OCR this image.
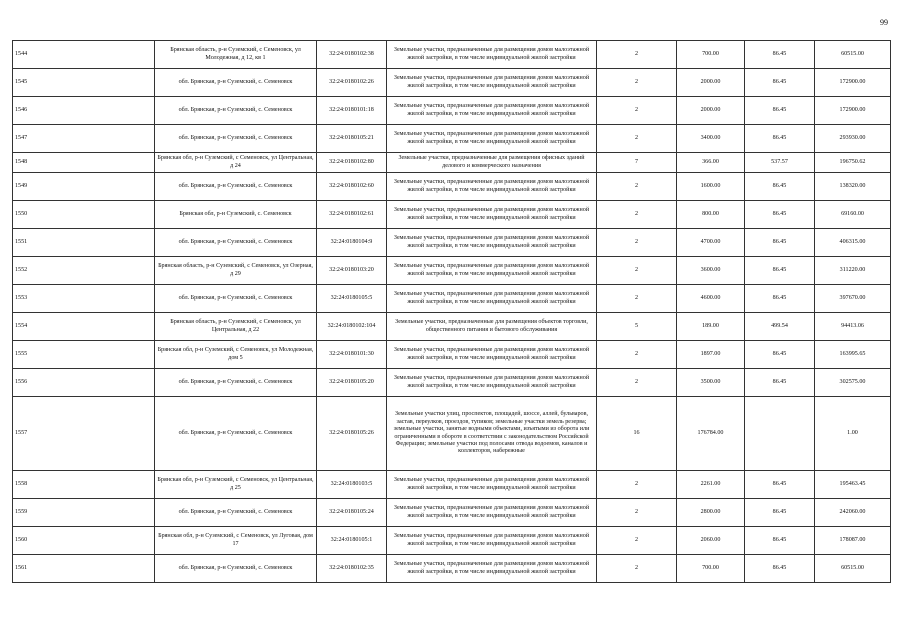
99
1544	Брянская область, р-н Суземский, с Семеновск, ул Молодежная, д 12, кв 1	32:24:0180102:38	Земельные участки, предназначенные для размещения домов малоэтажной жилой застройки, в том числе индивидуальной жилой застройки	2	700.00	86.45	60515.00
1545	обл. Брянская, р-н Суземский, с. Семеновск	32:24:0180102:26	Земельные участки, предназначенные для размещения домов малоэтажной жилой застройки, в том числе индивидуальной жилой застройки	2	2000.00	86.45	172900.00
1546	обл. Брянская, р-н Суземский, с. Семеновск	32:24:0180101:18	Земельные участки, предназначенные для размещения домов малоэтажной жилой застройки, в том числе индивидуальной жилой застройки	2	2000.00	86.45	172900.00
1547	обл. Брянская, р-н Суземский, с. Семеновск	32:24:0180105:21	Земельные участки, предназначенные для размещения домов малоэтажной жилой застройки, в том числе индивидуальной жилой застройки	2	3400.00	86.45	293930.00
1548	Брянская обл, р-н Суземский, с Семеновск, ул Центральная, д 24	32:24:0180102:80	Земельные участки, предназначенные для размещения офисных зданий делового и коммерческого назначения	7	366.00	537.57	196750.62
1549	обл. Брянская, р-н Суземский, с. Семеновск	32:24:0180102:60	Земельные участки, предназначенные для размещения домов малоэтажной жилой застройки, в том числе индивидуальной жилой застройки	2	1600.00	86.45	138320.00
1550	Брянская обл, р-н Суземский, с. Семеновск	32:24:0180102:61	Земельные участки, предназначенные для размещения домов малоэтажной жилой застройки, в том числе индивидуальной жилой застройки	2	800.00	86.45	69160.00
1551	обл. Брянская, р-н Суземский, с. Семеновск	32:24:0180104:9	Земельные участки, предназначенные для размещения домов малоэтажной жилой застройки, в том числе индивидуальной жилой застройки	2	4700.00	86.45	406315.00
1552	Брянская область, р-н Суземский, с Семеновск, ул Озерная, д 29	32:24:0180103:20	Земельные участки, предназначенные для размещения домов малоэтажной жилой застройки, в том числе индивидуальной жилой застройки	2	3600.00	86.45	311220.00
1553	обл. Брянская, р-н Суземский, с. Семеновск	32:24:0180105:5	Земельные участки, предназначенные для размещения домов малоэтажной жилой застройки, в том числе индивидуальной жилой застройки	2	4600.00	86.45	397670.00
1554	Брянская область, р-н Суземский, с Семеновск, ул Центральная, д 22	32:24:0180102:104	Земельные участки, предназначенные для размещения объектов торговли, общественного питания и бытового обслуживания	5	189.00	499.54	94413.06
1555	Брянская обл, р-н Суземский, с Семеновск, ул Молодежная, дом 5	32:24:0180101:30	Земельные участки, предназначенные для размещения домов малоэтажной жилой застройки, в том числе индивидуальной жилой застройки	2	1897.00	86.45	163995.65
1556	обл. Брянская, р-н Суземский, с. Семеновск	32:24:0180105:20	Земельные участки, предназначенные для размещения домов малоэтажной жилой застройки, в том числе индивидуальной жилой застройки	2	3500.00	86.45	302575.00
1557	обл. Брянская, р-н Суземский, с. Семеновск	32:24:0180105:26	Земельные участки улиц, проспектов, площадей, шоссе, аллей, бульваров, застав, переулков, проездов, тупиков; земельные участки земель резерва; земельные участки, занятые водными объектами, изъятыми из оборота или ограниченными в обороте в соответствии с законодательством Российской Федерации; земельные участки под полосами отвода водоемов, каналов и коллекторов, набережные	16	176784.00		1.00
1558	Брянская обл, р-н Суземский, с Семеновск, ул Центральная, д 25	32:24:0180103:5	Земельные участки, предназначенные для размещения домов малоэтажной жилой застройки, в том числе индивидуальной жилой застройки	2	2261.00	86.45	195463.45
1559	обл. Брянская, р-н Суземский, с. Семеновск	32:24:0180105:24	Земельные участки, предназначенные для размещения домов малоэтажной жилой застройки, в том числе индивидуальной жилой застройки	2	2800.00	86.45	242060.00
1560	Брянская обл, р-н Суземский, с Семеновск, ул Луговая, дом 17	32:24:0180105:1	Земельные участки, предназначенные для размещения домов малоэтажной жилой застройки, в том числе индивидуальной жилой застройки	2	2060.00	86.45	178087.00
1561	обл. Брянская, р-н Суземский, с. Семеновск	32:24:0180102:35	Земельные участки, предназначенные для размещения домов малоэтажной жилой застройки, в том числе индивидуальной жилой застройки	2	700.00	86.45	60515.00
